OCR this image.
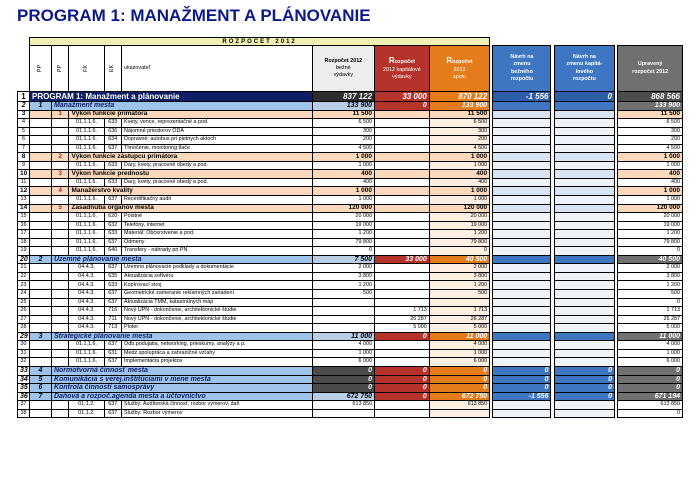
PROGRAM 1: MANAŽMENT A PLÁNOVANIE
	ROZPOČET 2012													
	PP	PP	FK	EK	ukazovateľ	Rozpočet 2012
bežné
výdavky	Rozpočet
2012 kapitálové
výdavky	Rozpočet
2012
spolu		Návrh na
zmenu
bežného
rozpočtu		Návrh na
zmenu kapitá-
lového
rozpočtu		Upravený
rozpočet 2012
1	PROGRAM 1: Manažment a plánovanie					837 122	33 000	870 122		-1 556		0		868 566
2	1	Manažment mesta				133 900	0	133 900						133 900
3		1	Výkon funkcie primátora			11 500		11 500						11 500
4			01.1.1.6.	633	Kvety, vence, reprezentačné a pod.	6 500		6 500						6 500
5			01.1.1.6.	636	Nájomné priestorov ODA	300		300						300
6			01.1.1.6.	634	Dopravné: autobus pri pietnych aktoch	200		200						200
7			01.1.1.6.	637	Tlmočenie, monitoring tlače	4 500		4 500						4 500
8		2	Výkon funkcie zástupcu primátora			1 000		1 000						1 000
9			01.1.1.6.	633	Dary, kvety, pracovné obedy a pod.	1 000		1 000						1 000
10		3	Výkon funkcie prednostu			400		400						400
11			01.1.1.6.	633	Dary, kvety, pracovné obedy a pod.	400		400						400
12		4	Manažérstvo kvality			1 000		1 000						1 000
13			01.1.1.6.	637	Recertifikačný audit	1 000		1 000						1 000
14		5	Zasadnutia orgánov mesta			120 000		120 000						120 000
15			01.1.1.6.	620	Poistné	20 000		20 000						20 000
16			01.1.1.6.	632	Telefóny, internet	19 000		19 000						19 000
17			01.1.1.6.	633	Materiál: Občerstvenie a pod.	1 200		1 200						1 200
18			01.1.1.6.	637	Odmeny	79 800		79 800						79 800
19			01.1.1.6.	640	Transfery - náhrady pri PN	0		0						0
20	2	Územné plánovanie mesta				7 500	33 000	40 500						40 500
21			04.4.3.	637	Územno plánovacie podklady a dokumentácie	2 000		2 000						2 000
22			04.4.3.	635	Aktualizácia softvéru	3 800		3 800						3 800
23			04.4.3.	633	Kopírovací stroj	1 200		1 200						1 200
24			04.4.3.	637	Geometrické zameranie reklamných zariadení	500		500						500
25			04.4.3.	637	Aktualizácia TMM, katastrálnych máp									0
26			04.4.3.	716	Nový ÚPN - dokončenie, architektonické štúdie		1 713	1 713						1 713
27			04.4.3.	711	Nový ÚPN - dokončenie, architektonické štúdie		26 287	26 287						26 287
28			04.4.3.	713	Ploter		5 000	5 000						5 000
29	3	Strategické plánovanie mesta				11 000	0	11 000						11 000
30			01.1.1.6.	637	Odb.podujatia, networking, prieskumy, analýzy a p.	4 000		4 000						4 000
31			01.1.1.6.	631	Medz.spolupráca a zahraničné vzťahy	1 000		1 000						1 000
32			01.1.1.6.	637	Implementácia projektov	6 000		6 000						6 000
33	4	Normotvorná činnosť mesta				0	0	0		0		0		0
34	5	Komunikácia s verej.inštitúciami v mene mesta				0	0	0		0		0		0
35	6	Kontrola činností samosprávy				0	0	0		0		0		0
36	7	Daňová a rozpoč.agenda mesta a účtovníctvo				672 750	0	672 750		-1 556		0		671 194
37			01.1.2.	637	Služby: Audítorská činnosť, rozbor výmerov, daň	613 850		613 850						613 850
38			01.1.2.	637	Služby: Rozbor výmerov									0
